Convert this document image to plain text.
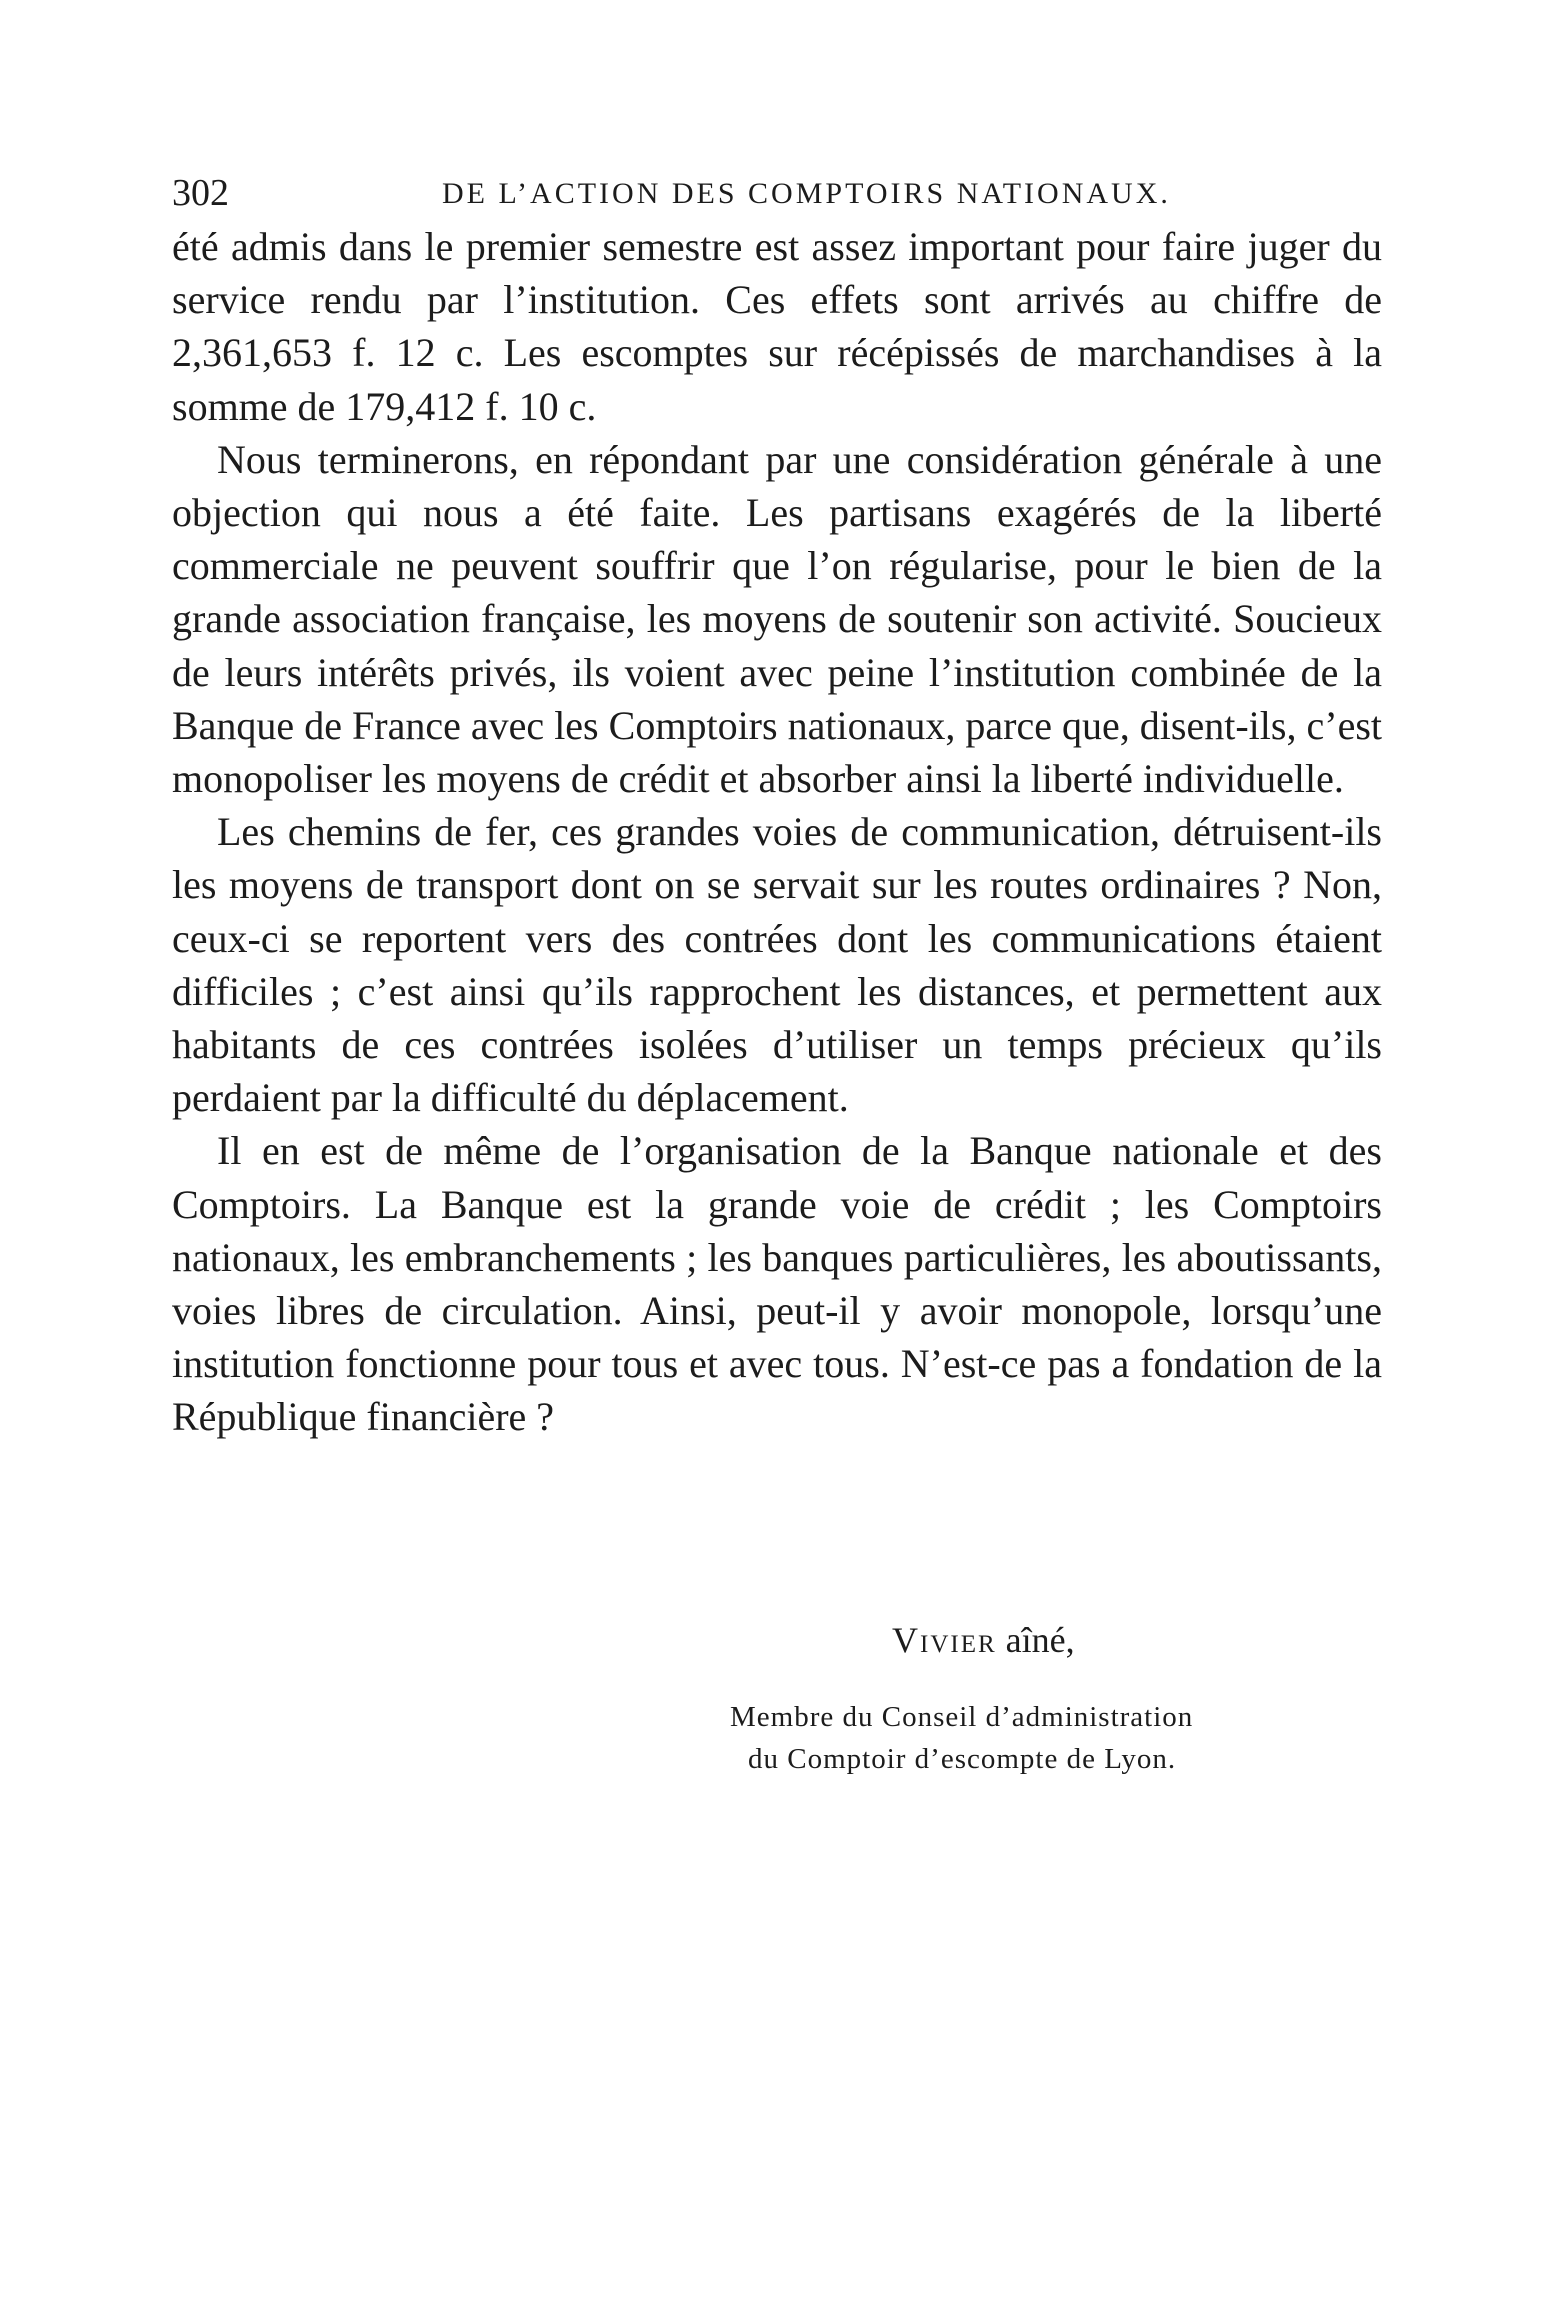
302	DE L’ACTION DES COMPTOIRS NATIONAUX.

été admis dans le premier semestre est assez important pour faire juger du service rendu par l’institution. Ces effets sont arrivés au chiffre de 2,361,653 f. 12 c. Les escomptes sur récépissés de marchandises à la somme de 179,412 f. 10 c.

Nous terminerons, en répondant par une considération générale à une objection qui nous a été faite. Les partisans exagérés de la liberté commerciale ne peuvent souffrir que l’on régularise, pour le bien de la grande association française, les moyens de soutenir son activité. Soucieux de leurs intérêts privés, ils voient avec peine l’institution combinée de la Banque de France avec les Comptoirs nationaux, parce que, disent-ils, c’est monopoliser les moyens de crédit et absorber ainsi la liberté individuelle.

Les chemins de fer, ces grandes voies de communication, détruisent-ils les moyens de transport dont on se servait sur les routes ordinaires ? Non, ceux-ci se reportent vers des contrées dont les communications étaient difficiles ; c’est ainsi qu’ils rapprochent les distances, et permettent aux habitants de ces contrées isolées d’utiliser un temps précieux qu’ils perdaient par la difficulté du déplacement.

Il en est de même de l’organisation de la Banque nationale et des Comptoirs. La Banque est la grande voie de crédit ; les Comptoirs nationaux, les embranchements ; les banques particulières, les aboutissants, voies libres de circulation. Ainsi, peut-il y avoir monopole, lorsqu’une institution fonctionne pour tous et avec tous. N’est-ce pas a fondation de la République financière ?

Vivier aîné,
Membre du Conseil d’administration
du Comptoir d’escompte de Lyon.
